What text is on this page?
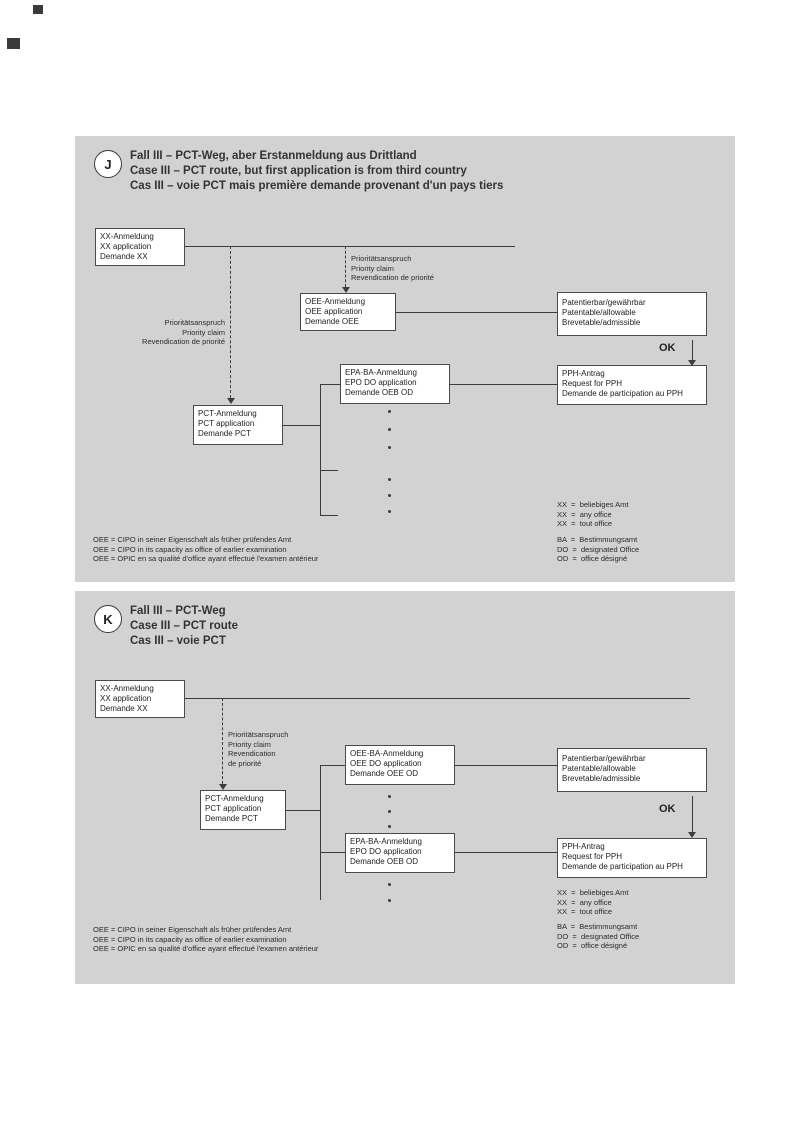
J
Fall III – PCT-Weg, aber Erstanmeldung aus Drittland
Case III – PCT route, but first application is from third country
Cas III – voie PCT mais première demande provenant d'un pays tiers
XX-Anmeldung
XX application
Demande XX	Prioritätsanspruch
Priority claim
Revendication de priorité
OEE-Anmeldung
OEE application
Demande OEE
Patentierbar/gewährbar
Patentable/allowable
Brevetable/admissible
OK
PPH-Antrag
Request for PPH
Demande de participation au PPH
Prioritätsanspruch
Priority claim
Revendication de priorité
PCT-Anmeldung
PCT application
Demande PCT
EPA-BA-Anmeldung
EPO DO application
Demande OEB OD
OEE = CIPO in seiner Eigenschaft als früher prüfendes Amt
OEE = CIPO in its capacity as office of earlier examination
OEE = OPIC en sa qualité d'office ayant effectué l'examen antérieur
XX  =  beliebiges Amt
XX  =  any office
XX  =  tout office
BA  =  Bestimmungsamt
DO  =  designated Office
OD  =  office désigné
K
Fall III – PCT-Weg
Case III – PCT route
Cas III – voie PCT
XX-Anmeldung
XX application
Demande XX
Prioritätsanspruch
Priority claim
Revendication
de priorité
PCT-Anmeldung
PCT application
Demande PCT
OEE-BA-Anmeldung
OEE DO application
Demande OEE OD
Patentierbar/gewährbar
Patentable/allowable
Brevetable/admissible
OK
PPH-Antrag
Request for PPH
Demande de participation au PPH
EPA-BA-Anmeldung
EPO DO application
Demande OEB OD
XX  =  beliebiges Amt
XX  =  any office
XX  =  tout office
BA  =  Bestimmungsamt
DO  =  designated Office
OD  =  office désigné
OEE = CIPO in seiner Eigenschaft als früher prüfendes Amt
OEE = CIPO in its capacity as office of earlier examination
OEE = OPIC en sa qualité d'office ayant effectué l'examen antérieur
